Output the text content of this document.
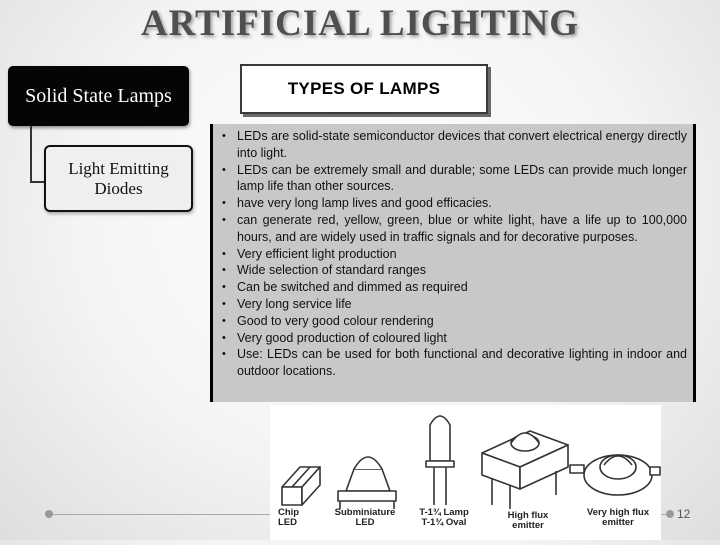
ARTIFICIAL LIGHTING
Solid State Lamps
Light Emitting Diodes
TYPES OF LAMPS
• LEDs are solid-state semiconductor devices that convert electrical energy directly into light.
• LEDs can be extremely small and durable; some LEDs can provide much longer lamp life than other sources.
• have very long lamp lives and good efficacies.
• can generate red, yellow, green, blue or white light, have a life up to 100,000 hours, and are widely used in traffic signals and for decorative purposes.
• Very efficient light production
• Wide selection of standard ranges
• Can be switched and dimmed as required
• Very long service life
• Good to very good colour rendering
• Very good production of coloured light
• Use: LEDs can be used for both functional and decorative lighting in indoor and outdoor locations.
Chip
LED
Subminiature
LED
T-1¾ Lamp
T-1¾ Oval
High flux
emitter
Very high flux
emitter
12
